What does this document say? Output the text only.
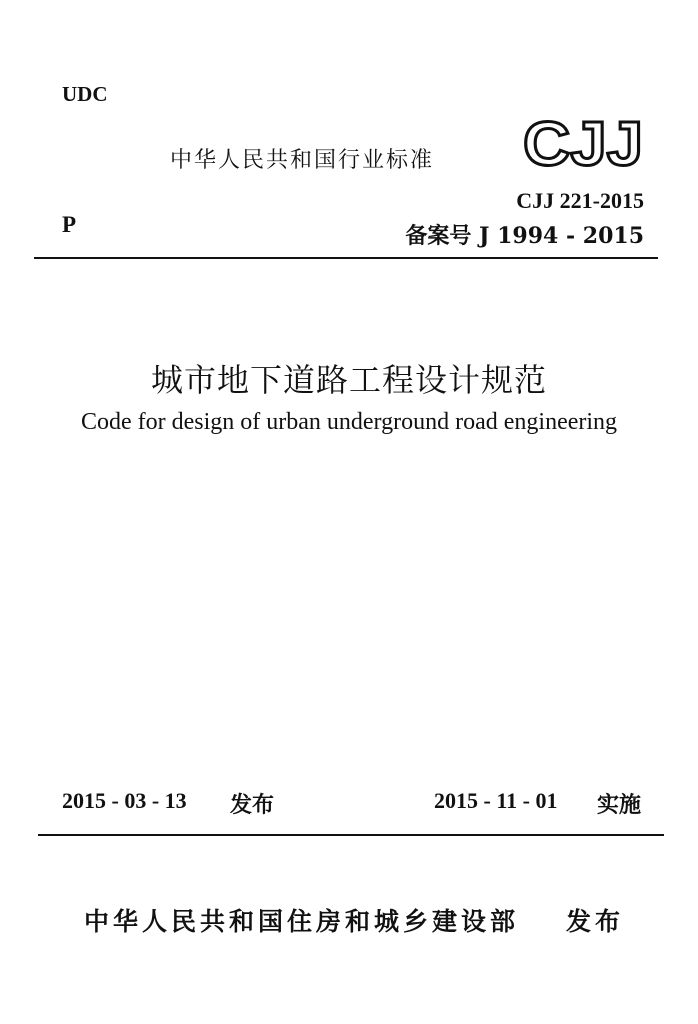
UDC
中华人民共和国行业标准 CJJ
CJJ 221-2015
备案号 J 1994 - 2015
P
城市地下道路工程设计规范
Code for design of urban underground road engineering
2015 - 03 - 13 发布	2015 - 11 - 01 实施
中华人民共和国住房和城乡建设部 发布
